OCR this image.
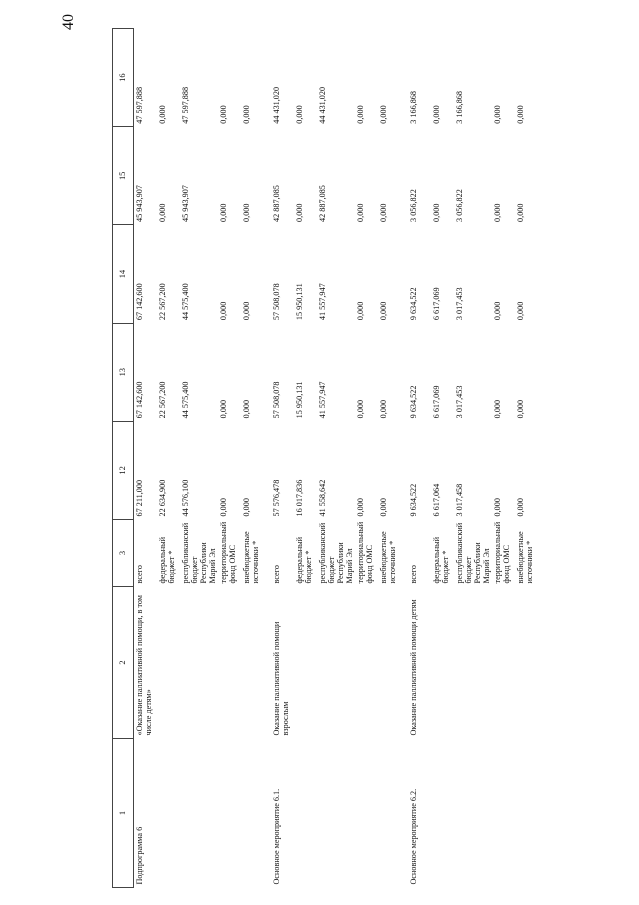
40
1	2	3	12	13	14	15	16
Подпрограмма 6	«Оказание паллиативной помощи, в том числе детям»	всего	67 211,000	67 142,600	67 142,600	45 943,907	47 597,888
		федеральный бюджет *	22 634,900	22 567,200	22 567,200	0,000	0,000
		республиканский бюджет Республики Марий Эл	44 576,100	44 575,400	44 575,400	45 943,907	47 597,888
		территориальный фонд ОМС	0,000	0,000	0,000	0,000	0,000
		внебюджетные источники *	0,000	0,000	0,000	0,000	0,000
Основное мероприятие 6.1.	Оказание паллиативной помощи взрослым	всего	57 576,478	57 508,078	57 508,078	42 887,085	44 431,020
		федеральный бюджет *	16 017,836	15 950,131	15 950,131	0,000	0,000
		республиканский бюджет Республики Марий Эл	41 558,642	41 557,947	41 557,947	42 887,085	44 431,020
		территориальный фонд ОМС	0,000	0,000	0,000	0,000	0,000
		внебюджетные источники *	0,000	0,000	0,000	0,000	0,000
Основное мероприятие 6.2.	Оказание паллиативной помощи детям	всего	9 634,522	9 634,522	9 634,522	3 056,822	3 166,868
		федеральный бюджет *	6 617,064	6 617,069	6 617,069	0,000	0,000
		республиканский бюджет Республики Марий Эл	3 017,458	3 017,453	3 017,453	3 056,822	3 166,868
		территориальный фонд ОМС	0,000	0,000	0,000	0,000	0,000
		внебюджетные источники *	0,000	0,000	0,000	0,000	0,000
